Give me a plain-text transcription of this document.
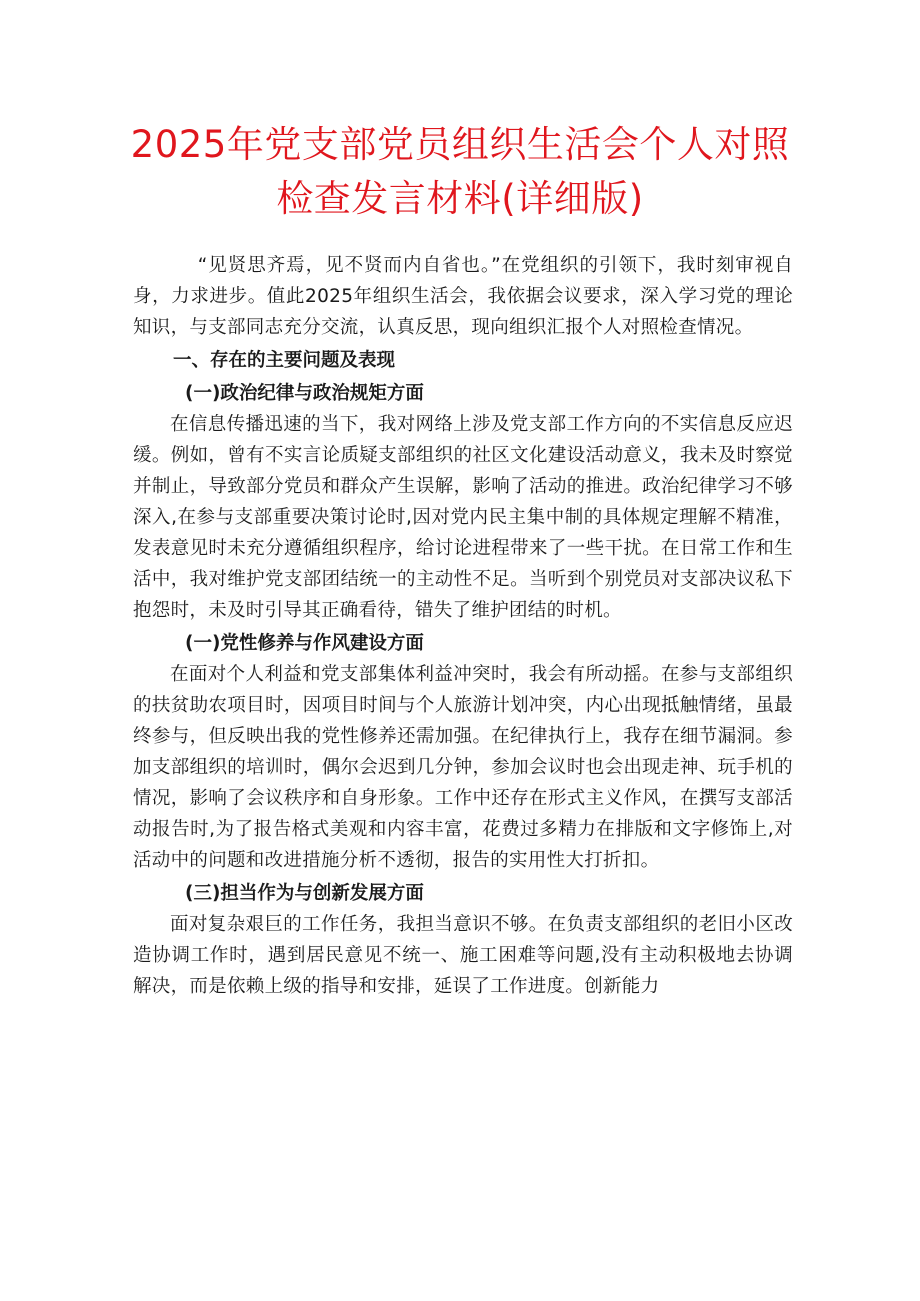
2025年党支部党员组织生活会个人对照
检查发言材料(详细版)

“见贤思齐焉，见不贤而内自省也。”在党组织的引领下，我时刻审视自身，力求进步。值此2025年组织生活会，我依据会议要求，深入学习党的理论知识，与支部同志充分交流，认真反思，现向组织汇报个人对照检查情况。

一、存在的主要问题及表现
(一)政治纪律与政治规矩方面

在信息传播迅速的当下，我对网络上涉及党支部工作方向的不实信息反应迟缓。例如，曾有不实言论质疑支部组织的社区文化建设活动意义，我未及时察觉并制止，导致部分党员和群众产生误解，影响了活动的推进。政治纪律学习不够深入,在参与支部重要决策讨论时,因对党内民主集中制的具体规定理解不精准，发表意见时未充分遵循组织程序，给讨论进程带来了一些干扰。在日常工作和生活中，我对维护党支部团结统一的主动性不足。当听到个别党员对支部决议私下抱怨时，未及时引导其正确看待，错失了维护团结的时机。

(一)党性修养与作风建设方面

在面对个人利益和党支部集体利益冲突时，我会有所动摇。在参与支部组织的扶贫助农项目时，因项目时间与个人旅游计划冲突，内心出现抵触情绪，虽最终参与，但反映出我的党性修养还需加强。在纪律执行上，我存在细节漏洞。参加支部组织的培训时，偶尔会迟到几分钟，参加会议时也会出现走神、玩手机的情况，影响了会议秩序和自身形象。工作中还存在形式主义作风，在撰写支部活动报告时,为了报告格式美观和内容丰富，花费过多精力在排版和文字修饰上,对活动中的问题和改进措施分析不透彻，报告的实用性大打折扣。

(三)担当作为与创新发展方面

面对复杂艰巨的工作任务，我担当意识不够。在负责支部组织的老旧小区改造协调工作时，遇到居民意见不统一、施工困难等问题,没有主动积极地去协调解决，而是依赖上级的指导和安排，延误了工作进度。创新能力
